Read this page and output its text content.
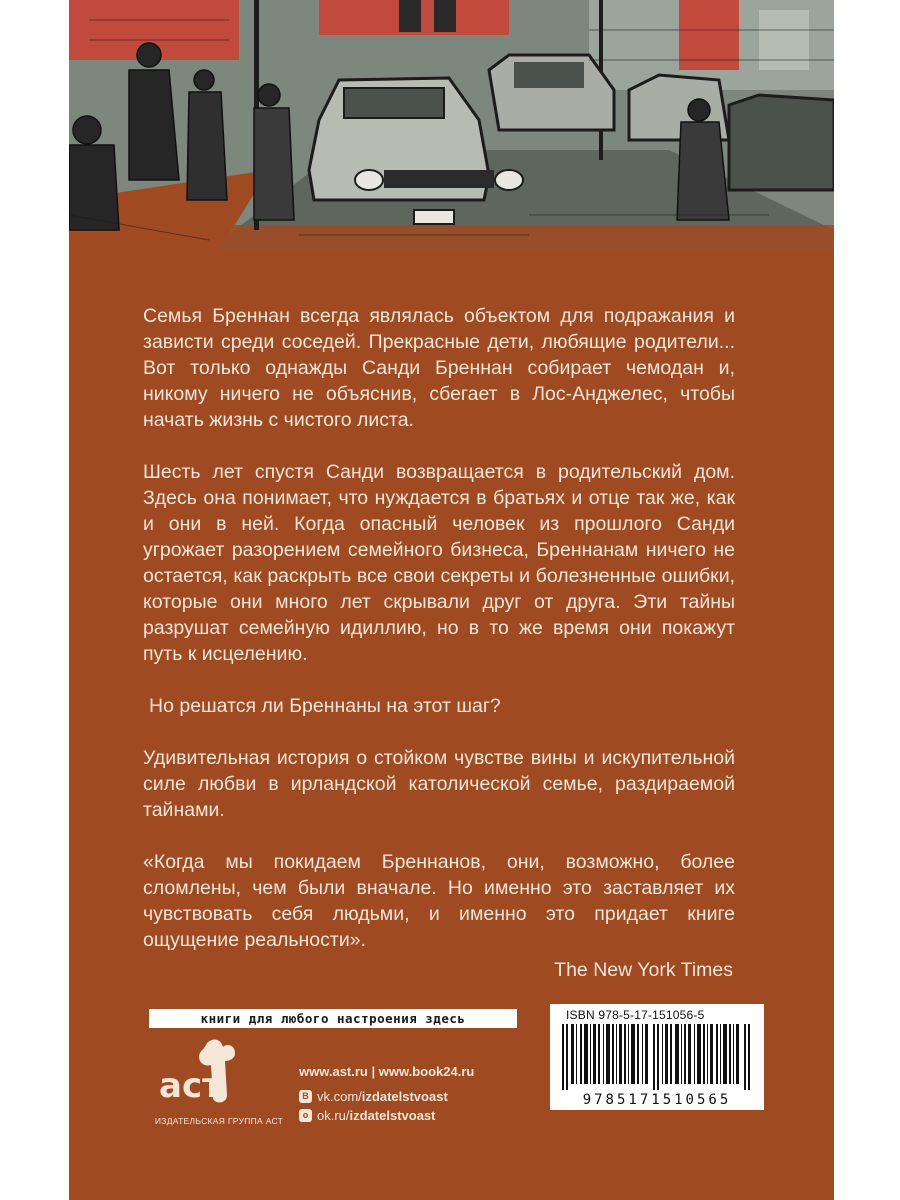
Семья Бреннан всегда являлась объектом для подражания и зависти среди соседей. Прекрасные дети, любящие родители... Вот только однажды Санди Бреннан собирает чемодан и, никому ничего не объяснив, сбегает в Лос-Анджелес, чтобы начать жизнь с чистого листа.

Шесть лет спустя Санди возвращается в родительский дом. Здесь она понимает, что нуждается в братьях и отце так же, как и они в ней. Когда опасный человек из прошлого Санди угрожает разорением семейного бизнеса, Бреннанам ничего не остается, как раскрыть все свои секреты и болезненные ошибки, которые они много лет скрывали друг от друга. Эти тайны разрушат семейную идиллию, но в то же время они покажут путь к исцелению.

Но решатся ли Бреннаны на этот шаг?

Удивительная история о стойком чувстве вины и искупительной силе любви в ирландской католической семье, раздираемой тайнами.

«Когда мы покидаем Бреннанов, они, возможно, более сломлены, чем были вначале. Но именно это заставляет их чувствовать себя людьми, и именно это придает книге ощущение реальности».

The New York Times
книги для любого настроения здесь
аст
ИЗДАТЕЛЬСКАЯ ГРУППА АСТ
www.ast.ru | www.book24.ru
B vk.com/ izdatelstvoast
o ok.ru/ izdatelstvoast
ISBN 978-5-17-151056-5
9785171510565
